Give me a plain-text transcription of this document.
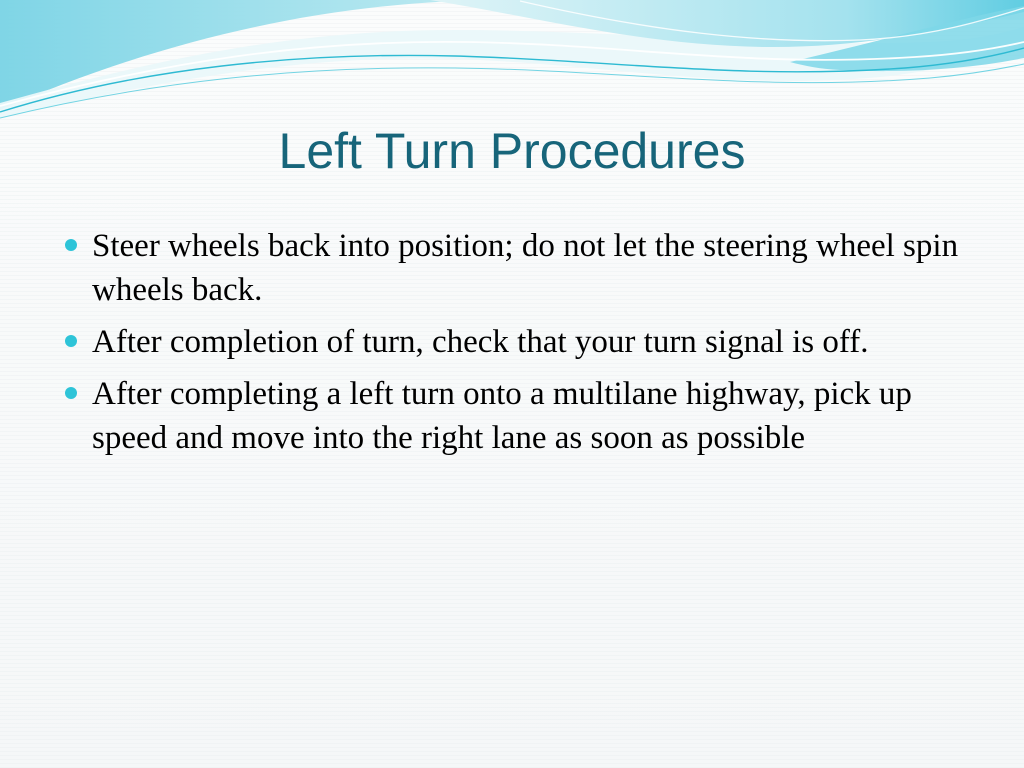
Left Turn Procedures
Steer wheels back into position; do not let the steering wheel spin wheels back.
After completion of turn, check that your turn signal is off.
After completing a left turn onto a multilane highway, pick up speed and move into the right lane as soon as possible
